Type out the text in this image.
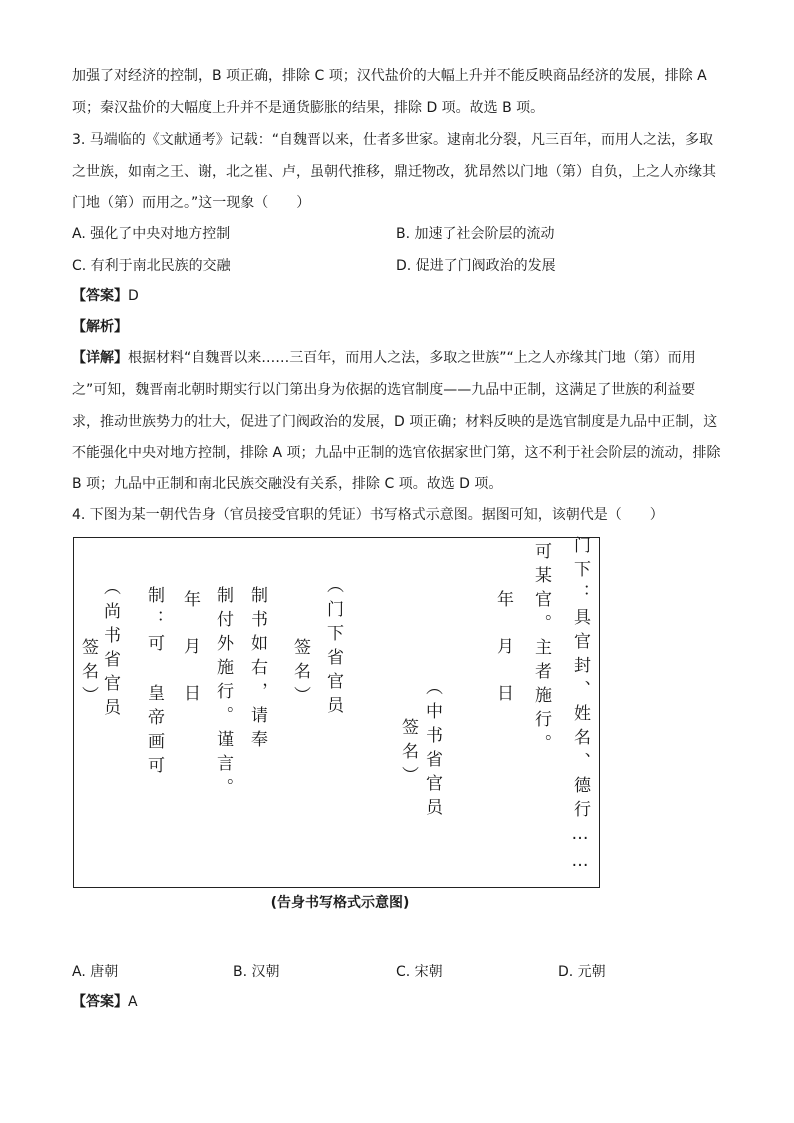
加强了对经济的控制，B 项正确，排除 C 项；汉代盐价的大幅上升并不能反映商品经济的发展，排除 A
项；秦汉盐价的大幅度上升并不是通货膨胀的结果，排除 D 项。故选 B 项。
3. 马端临的《文献通考》记载：“自魏晋以来，仕者多世家。逮南北分裂，凡三百年，而用人之法，多取
之世族，如南之王、谢，北之崔、卢，虽朝代推移，鼎迁物改，犹昂然以门地（第）自负，上之人亦缘其
门地（第）而用之。”这一现象（　　）
A. 强化了中央对地方控制	B. 加速了社会阶层的流动
C. 有利于南北民族的交融	D. 促进了门阀政治的发展
【答案】D
【解析】
【详解】根据材料“自魏晋以来……三百年，而用人之法，多取之世族”“上之人亦缘其门地（第）而用
之”可知，魏晋南北朝时期实行以门第出身为依据的选官制度——九品中正制，这满足了世族的利益要
求，推动世族势力的壮大，促进了门阀政治的发展，D 项正确；材料反映的是选官制度是九品中正制，这
不能强化中央对地方控制，排除 A 项；九品中正制的选官依据家世门第，这不利于社会阶层的流动，排除
B 项；九品中正制和南北民族交融没有关系，排除 C 项。故选 D 项。
4. 下图为某一朝代告身（官员接受官职的凭证）书写格式示意图。据图可知，该朝代是（　　）
门下：具官封、姓名、德行……
可某官。主者施行。
年月日
（中书省官员
签名）
（门下省官员
签名）
制书如右，请奉
制付外施行。谨言。
年月日
制：可
皇帝画可
（尚书省官员
签名）
(告身书写格式示意图)
A. 唐朝	B. 汉朝	C. 宋朝	D. 元朝
【答案】A
